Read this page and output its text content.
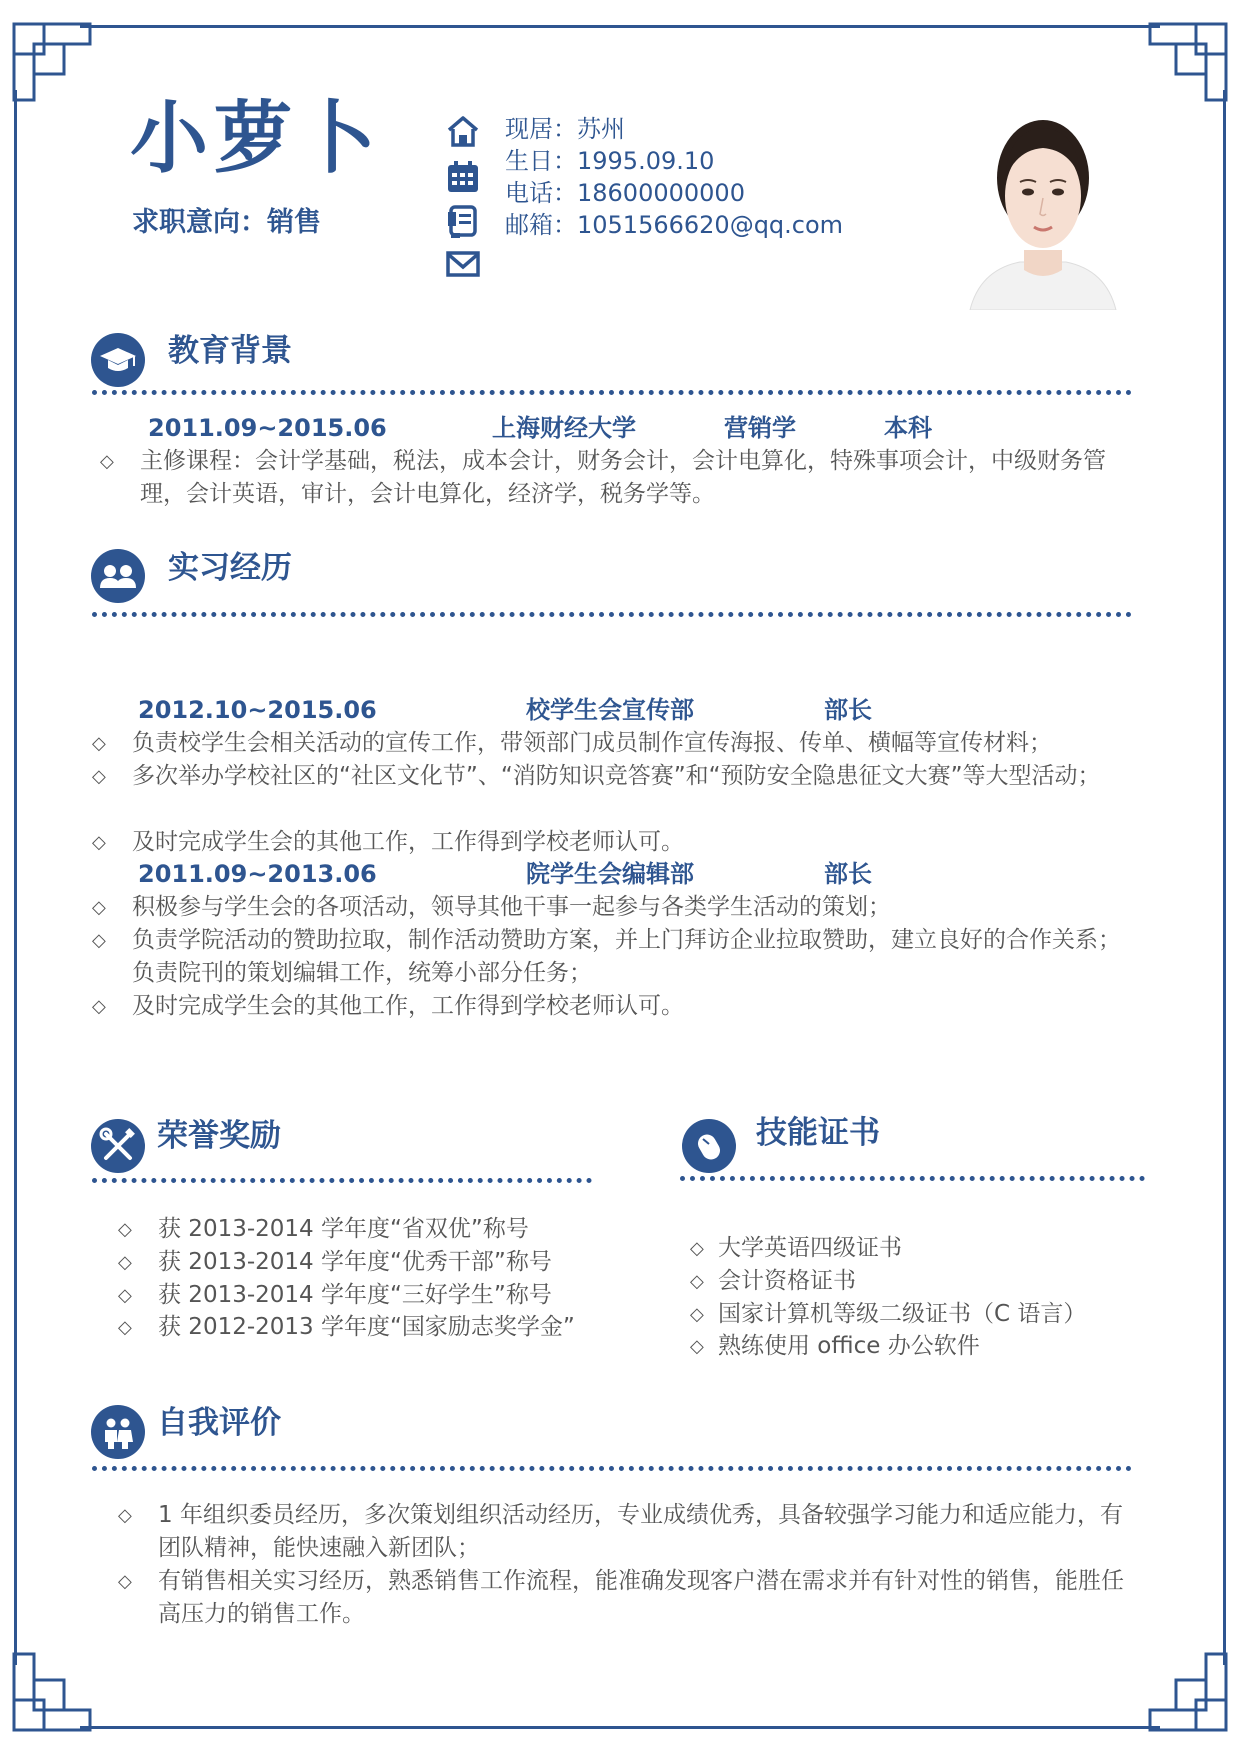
小萝卜
求职意向：销售
现居：苏州
生日：1995.09.10
电话：18600000000
邮箱：1051566620@qq.com
教育背景
2011.09~2015.06	上海财经大学	营销学	本科
◇ 主修课程：会计学基础，税法，成本会计，财务会计，会计电算化，特殊事项会计，中级财务管理，会计英语，审计，会计电算化，经济学，税务学等。
实习经历
2012.10~2015.06	校学生会宣传部	部长
◇ 负责校学生会相关活动的宣传工作，带领部门成员制作宣传海报、传单、横幅等宣传材料；
◇ 多次举办学校社区的“社区文化节”、“消防知识竞答赛”和“预防安全隐患征文大赛”等大型活动；
◇ 及时完成学生会的其他工作，工作得到学校老师认可。
2011.09~2013.06	院学生会编辑部	部长
◇ 积极参与学生会的各项活动，领导其他干事一起参与各类学生活动的策划；
◇ 负责学院活动的赞助拉取，制作活动赞助方案，并上门拜访企业拉取赞助，建立良好的合作关系；负责院刊的策划编辑工作，统筹小部分任务；
◇ 及时完成学生会的其他工作，工作得到学校老师认可。
荣誉奖励
◇ 获 2013-2014 学年度“省双优”称号
◇ 获 2013-2014 学年度“优秀干部”称号
◇ 获 2013-2014 学年度“三好学生”称号
◇ 获 2012-2013 学年度“国家励志奖学金”
技能证书
◇ 大学英语四级证书
◇ 会计资格证书
◇ 国家计算机等级二级证书（C 语言）
◇ 熟练使用 office 办公软件
自我评价
◇ 1 年组织委员经历，多次策划组织活动经历，专业成绩优秀，具备较强学习能力和适应能力，有团队精神，能快速融入新团队；
◇ 有销售相关实习经历，熟悉销售工作流程，能准确发现客户潜在需求并有针对性的销售，能胜任高压力的销售工作。
